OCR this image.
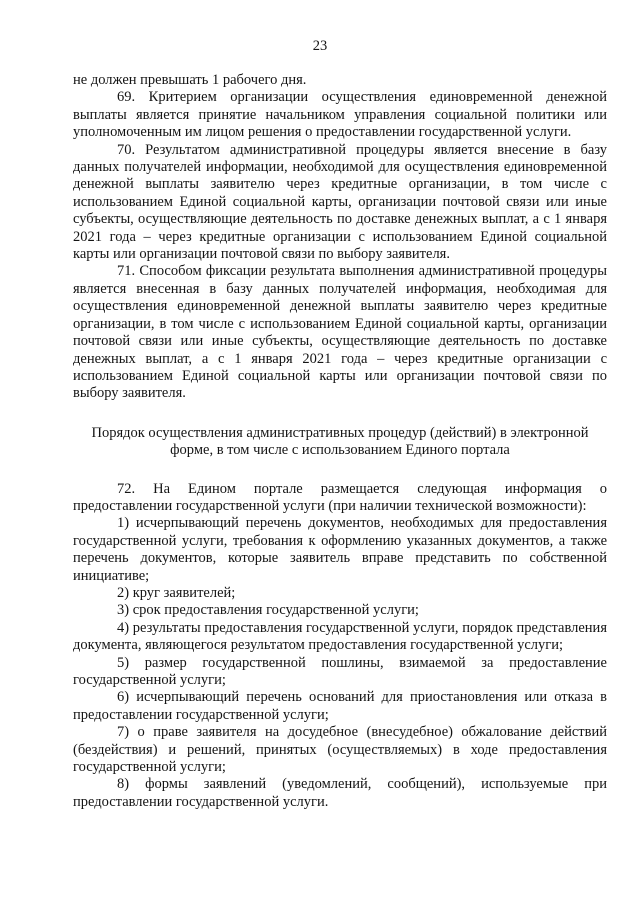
23

не должен превышать 1 рабочего дня.

69. Критерием организации осуществления единовременной денежной выплаты является принятие начальником управления социальной политики или уполномоченным им лицом решения о предоставлении государственной услуги.

70. Результатом административной процедуры является внесение в базу данных получателей информации, необходимой для осуществления единовременной денежной выплаты заявителю через кредитные организации, в том числе с использованием Единой социальной карты, организации почтовой связи или иные субъекты, осуществляющие деятельность по доставке денежных выплат, а с 1 января 2021 года – через кредитные организации с использованием Единой социальной карты или организации почтовой связи по выбору заявителя.

71. Способом фиксации результата выполнения административной процедуры является внесенная в базу данных получателей информация, необходимая для осуществления единовременной денежной выплаты заявителю через кредитные организации, в том числе с использованием Единой социальной карты, организации почтовой связи или иные субъекты, осуществляющие деятельность по доставке денежных выплат, а с 1 января 2021 года – через кредитные организации с использованием Единой социальной карты или организации почтовой связи по выбору заявителя.

Порядок осуществления административных процедур (действий) в электронной форме, в том числе с использованием Единого портала

72. На Едином портале размещается следующая информация о предоставлении государственной услуги (при наличии технической возможности):

1) исчерпывающий перечень документов, необходимых для предоставления государственной услуги, требования к оформлению указанных документов, а также перечень документов, которые заявитель вправе представить по собственной инициативе;

2) круг заявителей;

3) срок предоставления государственной услуги;

4) результаты предоставления государственной услуги, порядок представления документа, являющегося результатом предоставления государственной услуги;

5) размер государственной пошлины, взимаемой за предоставление государственной услуги;

6) исчерпывающий перечень оснований для приостановления или отказа в предоставлении государственной услуги;

7) о праве заявителя на досудебное (внесудебное) обжалование действий (бездействия) и решений, принятых (осуществляемых) в ходе предоставления государственной услуги;

8) формы заявлений (уведомлений, сообщений), используемые при предоставлении государственной услуги.
